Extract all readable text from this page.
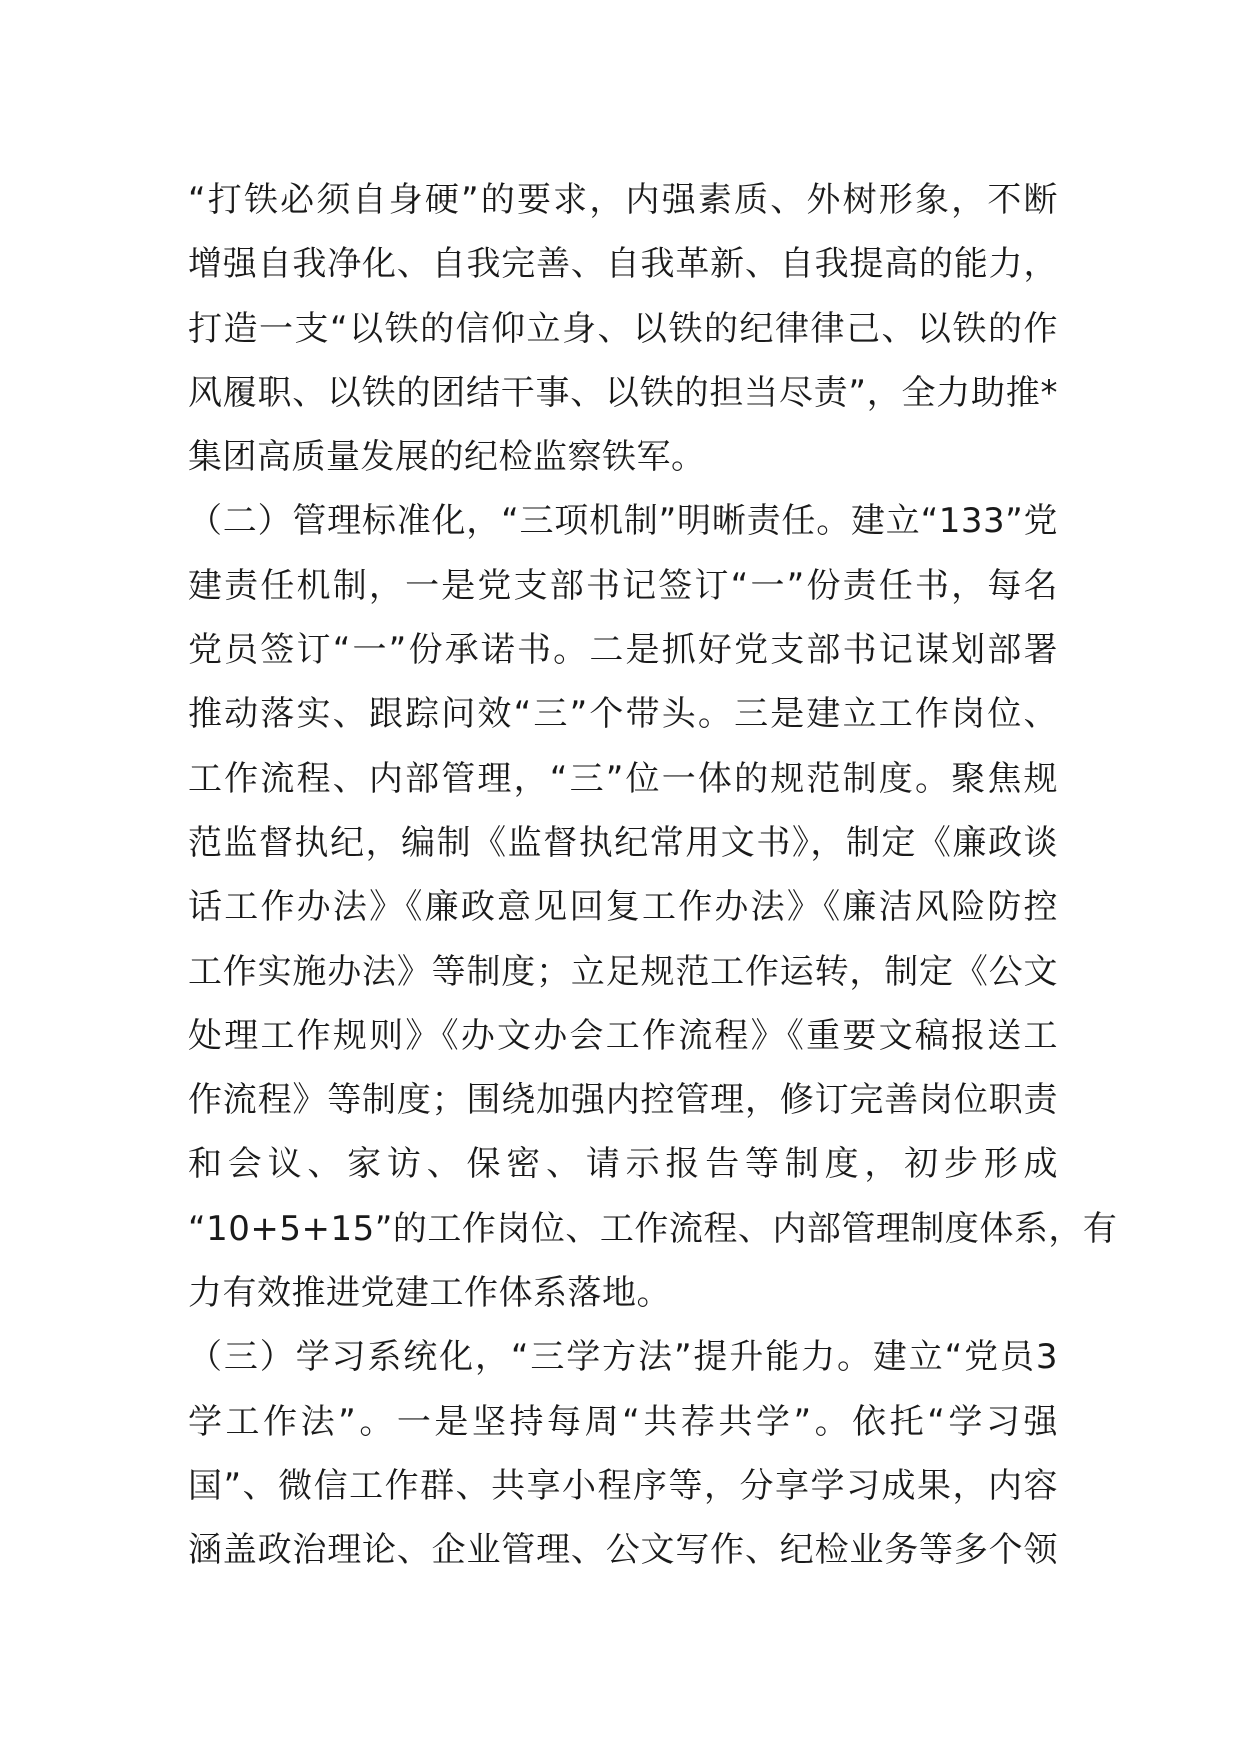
“打铁必须自身硬”的要求，内强素质、外树形象，不断
增强自我净化、自我完善、自我革新、自我提高的能力，
打造一支“以铁的信仰立身、以铁的纪律律己、以铁的作
风履职、以铁的团结干事、以铁的担当尽责”，全力助推*
集团高质量发展的纪检监察铁军。
（二）管理标准化，“三项机制”明晰责任。建立“133”党
建责任机制，一是党支部书记签订“一”份责任书，每名
党员签订“一”份承诺书。二是抓好党支部书记谋划部署
推动落实、跟踪问效“三”个带头。三是建立工作岗位、
工作流程、内部管理，“三”位一体的规范制度。聚焦规
范监督执纪，编制《监督执纪常用文书》，制定《廉政谈
话工作办法》《廉政意见回复工作办法》《廉洁风险防控
工作实施办法》等制度；立足规范工作运转，制定《公文
处理工作规则》《办文办会工作流程》《重要文稿报送工
作流程》等制度；围绕加强内控管理，修订完善岗位职责
和会议、家访、保密、请示报告等制度，初步形成
“10+5+15”的工作岗位、工作流程、内部管理制度体系，有
力有效推进党建工作体系落地。
（三）学习系统化，“三学方法”提升能力。建立“党员3
学工作法”。一是坚持每周“共荐共学”。依托“学习强
国”、微信工作群、共享小程序等，分享学习成果，内容
涵盖政治理论、企业管理、公文写作、纪检业务等多个领
